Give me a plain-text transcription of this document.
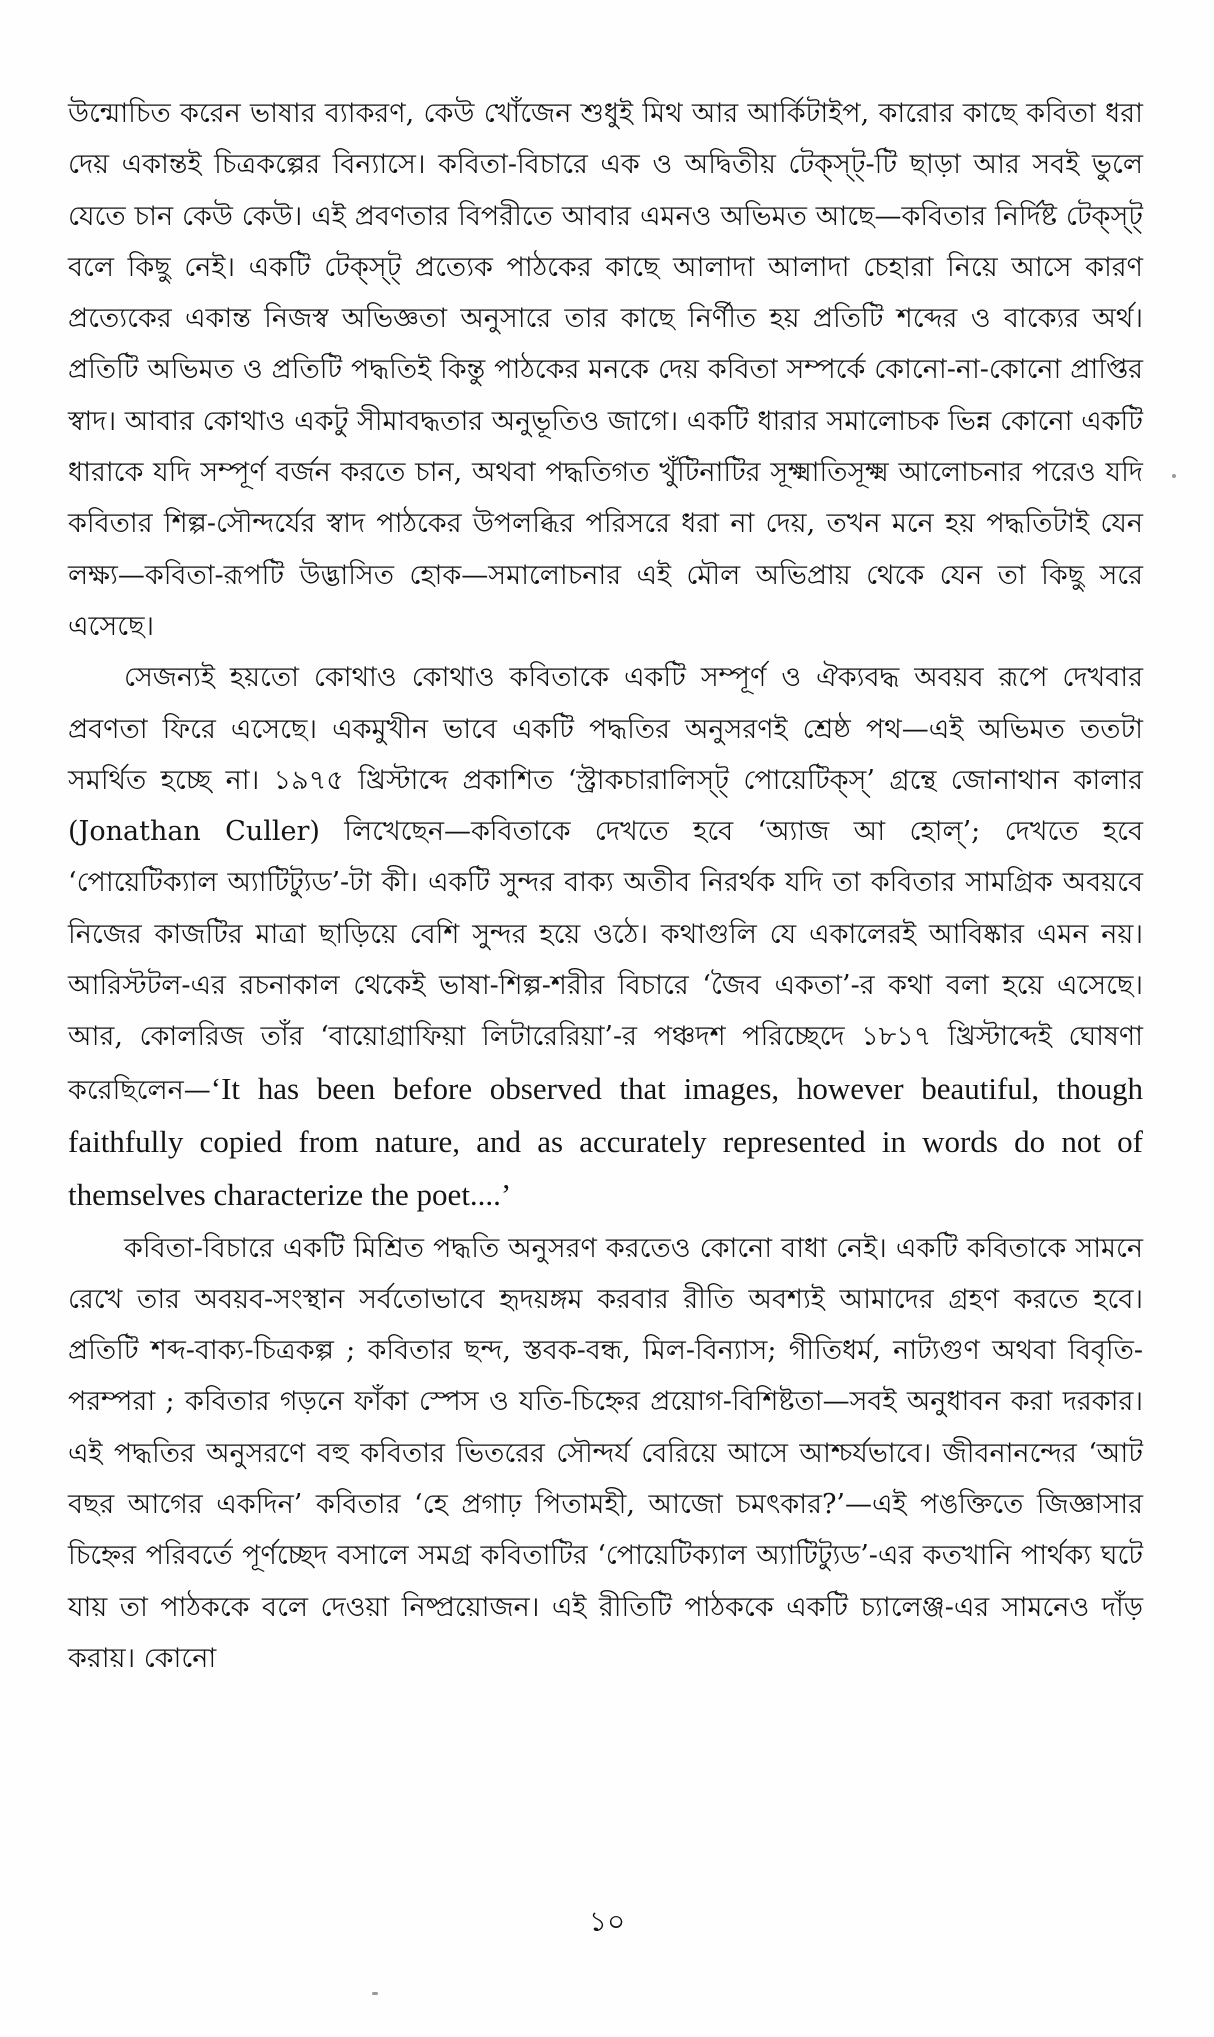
উন্মোচিত করেন ভাষার ব্যাকরণ, কেউ খোঁজেন শুধুই মিথ আর আর্কিটাইপ, কারোর কাছে কবিতা ধরা দেয় একান্তই চিত্রকল্পের বিন্যাসে। কবিতা-বিচারে এক ও অদ্বিতীয় টেক্‌স্‌ট্‌-টি ছাড়া আর সবই ভুলে যেতে চান কেউ কেউ। এই প্রবণতার বিপরীতে আবার এমনও অভিমত আছে—কবিতার নির্দিষ্ট টেক্‌স্‌ট্‌ বলে কিছু নেই। একটি টেক্‌স্‌ট্‌ প্রত্যেক পাঠকের কাছে আলাদা আলাদা চেহারা নিয়ে আসে কারণ প্রত্যেকের একান্ত নিজস্ব অভিজ্ঞতা অনুসারে তার কাছে নির্ণীত হয় প্রতিটি শব্দের ও বাক্যের অর্থ। প্রতিটি অভিমত ও প্রতিটি পদ্ধতিই কিন্তু পাঠকের মনকে দেয় কবিতা সম্পর্কে কোনো-না-কোনো প্রাপ্তির স্বাদ। আবার কোথাও একটু সীমাবদ্ধতার অনুভূতিও জাগে। একটি ধারার সমালোচক ভিন্ন কোনো একটি ধারাকে যদি সম্পূর্ণ বর্জন করতে চান, অথবা পদ্ধতিগত খুঁটিনাটির সূক্ষ্মাতিসূক্ষ্ম আলোচনার পরেও যদি কবিতার শিল্প-সৌন্দর্যের স্বাদ পাঠকের উপলব্ধির পরিসরে ধরা না দেয়, তখন মনে হয় পদ্ধতিটাই যেন লক্ষ্য—কবিতা-রূপটি উদ্ভাসিত হোক—সমালোচনার এই মৌল অভিপ্রায় থেকে যেন তা কিছু সরে এসেছে।

সেজন্যই হয়তো কোথাও কোথাও কবিতাকে একটি সম্পূর্ণ ও ঐক্যবদ্ধ অবয়ব রূপে দেখবার প্রবণতা ফিরে এসেছে। একমুখীন ভাবে একটি পদ্ধতির অনুসরণই শ্রেষ্ঠ পথ—এই অভিমত ততটা সমর্থিত হচ্ছে না। ১৯৭৫ খ্রিস্টাব্দে প্রকাশিত ‘স্ট্রাকচারালিস্ট্‌ পোয়েটিক্‌স্‌’ গ্রন্থে জোনাথান কালার (Jonathan Culler) লিখেছেন—কবিতাকে দেখতে হবে ‘অ্যাজ আ হোল্‌’; দেখতে হবে ‘পোয়েটিক্যাল অ্যাটিট্যুড’-টা কী। একটি সুন্দর বাক্য অতীব নিরর্থক যদি তা কবিতার সামগ্রিক অবয়বে নিজের কাজটির মাত্রা ছাড়িয়ে বেশি সুন্দর হয়ে ওঠে। কথাগুলি যে একালেরই আবিষ্কার এমন নয়। আরিস্টটল-এর রচনাকাল থেকেই ভাষা-শিল্প-শরীর বিচারে ‘জৈব একতা’-র কথা বলা হয়ে এসেছে। আর, কোলরিজ তাঁর ‘বায়োগ্রাফিয়া লিটারেরিয়া’-র পঞ্চদশ পরিচ্ছেদে ১৮১৭ খ্রিস্টাব্দেই ঘোষণা করেছিলেন—‘It has been before observed that images, however beautiful, though faithfully copied from nature, and as accurately represented in words do not of themselves characterize the poet....’

কবিতা-বিচারে একটি মিশ্রিত পদ্ধতি অনুসরণ করতেও কোনো বাধা নেই। একটি কবিতাকে সামনে রেখে তার অবয়ব-সংস্থান সর্বতোভাবে হৃদয়ঙ্গম করবার রীতি অবশ্যই আমাদের গ্রহণ করতে হবে। প্রতিটি শব্দ-বাক্য-চিত্রকল্প ; কবিতার ছন্দ, স্তবক-বন্ধ, মিল-বিন্যাস; গীতিধর্ম, নাট্যগুণ অথবা বিবৃতি-পরম্পরা ; কবিতার গড়নে ফাঁকা স্পেস ও যতি-চিহ্নের প্রয়োগ-বিশিষ্টতা—সবই অনুধাবন করা দরকার। এই পদ্ধতির অনুসরণে বহু কবিতার ভিতরের সৌন্দর্য বেরিয়ে আসে আশ্চর্যভাবে। জীবনানন্দের ‘আট বছর আগের একদিন’ কবিতার ‘হে প্রগাঢ় পিতামহী, আজো চমৎকার?’—এই পঙক্তিতে জিজ্ঞাসার চিহ্নের পরিবর্তে পূর্ণচ্ছেদ বসালে সমগ্র কবিতাটির ‘পোয়েটিক্যাল অ্যাটিট্যুড’-এর কতখানি পার্থক্য ঘটে যায় তা পাঠককে বলে দেওয়া নিষ্প্রয়োজন। এই রীতিটি পাঠককে একটি চ্যালেঞ্জ-এর সামনেও দাঁড় করায়। কোনো

১০
